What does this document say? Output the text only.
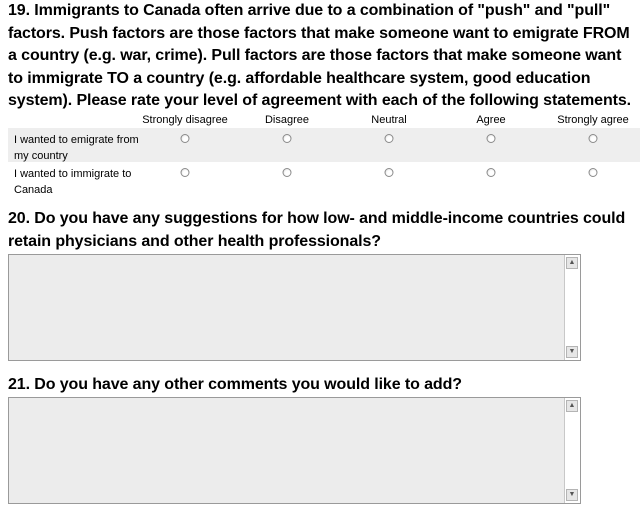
19. Immigrants to Canada often arrive due to a combination of "push" and "pull" factors. Push factors are those factors that make someone want to emigrate FROM a country (e.g. war, crime). Pull factors are those factors that make someone want to immigrate TO a country (e.g. affordable healthcare system, good education system). Please rate your level of agreement with each of the following statements.
Strongly disagree	Disagree	Neutral	Agree	Strongly agree
I wanted to emigrate from my country
I wanted to immigrate to Canada
20. Do you have any suggestions for how low- and middle-income countries could retain physicians and other health professionals?
▲
▼
21. Do you have any other comments you would like to add?
▲
▼
